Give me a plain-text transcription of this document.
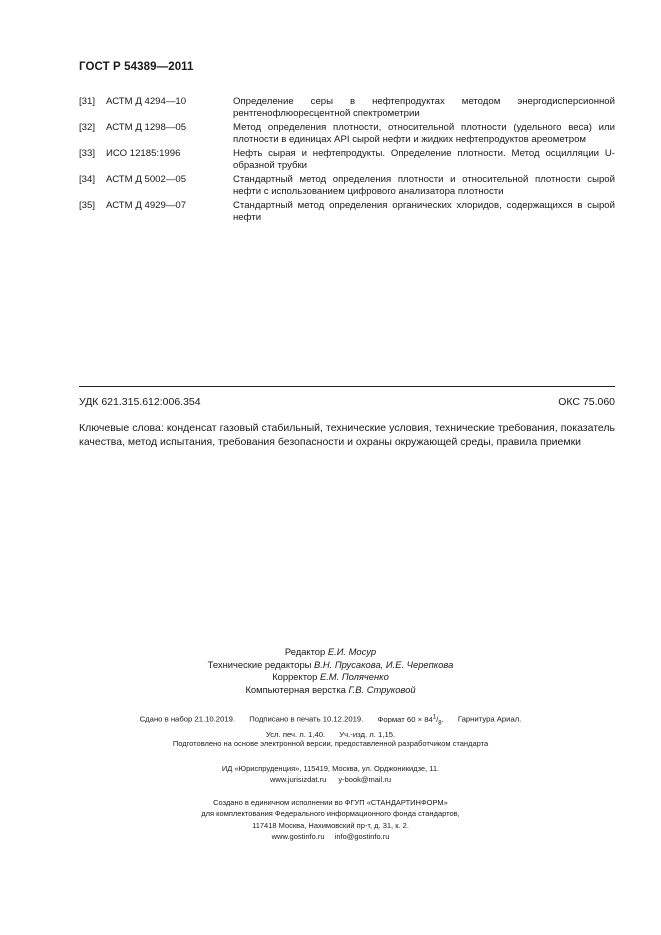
ГОСТ Р 54389—2011
[31]	АСТМ Д 4294—10	Определение серы в нефтепродуктах методом энергодисперсионной рентгенофлюоресцентной спектрометрии
[32]	АСТМ Д 1298—05	Метод определения плотности, относительной плотности (удельного веса) или плотности в единицах API сырой нефти и жидких нефтепродуктов ареометром
[33]	ИСО 12185:1996	Нефть сырая и нефтепродукты. Определение плотности. Метод осцилляции U-образной трубки
[34]	АСТМ Д 5002—05	Стандартный метод определения плотности и относительной плотности сырой нефти с использованием цифрового анализатора плотности
[35]	АСТМ Д 4929—07	Стандартный метод определения органических хлоридов, содержащихся в сырой нефти
УДК 621.315.612:006.354	ОКС 75.060
Ключевые слова: конденсат газовый стабильный, технические условия, технические требования, показатель качества, метод испытания, требования безопасности и охраны окружающей среды, правила приемки
Редактор Е.И. Мосур
Технические редакторы В.Н. Прусакова, И.Е. Черепкова
Корректор Е.М. Поляченко
Компьютерная верстка Г.В. Струковой
Сдано в набор 21.10.2019. Подписано в печать 10.12.2019. Формат $60 \times 84^1/_8$. Гарнитура Ариал.
Усл. печ. л. 1,40. Уч.-изд. л. 1,15.
Подготовлено на основе электронной версии, предоставленной разработчиком стандарта
ИД «Юриспруденция», 115419, Москва, ул. Орджоникидзе, 11.
www.jurisizdat.ru y-book@mail.ru
Создано в единичном исполнении во ФГУП «СТАНДАРТИНФОРМ»
для комплектования Федерального информационного фонда стандартов,
117418 Москва, Нахимовский пр-т, д. 31, к. 2.
www.gostinfo.ru info@gostinfo.ru
